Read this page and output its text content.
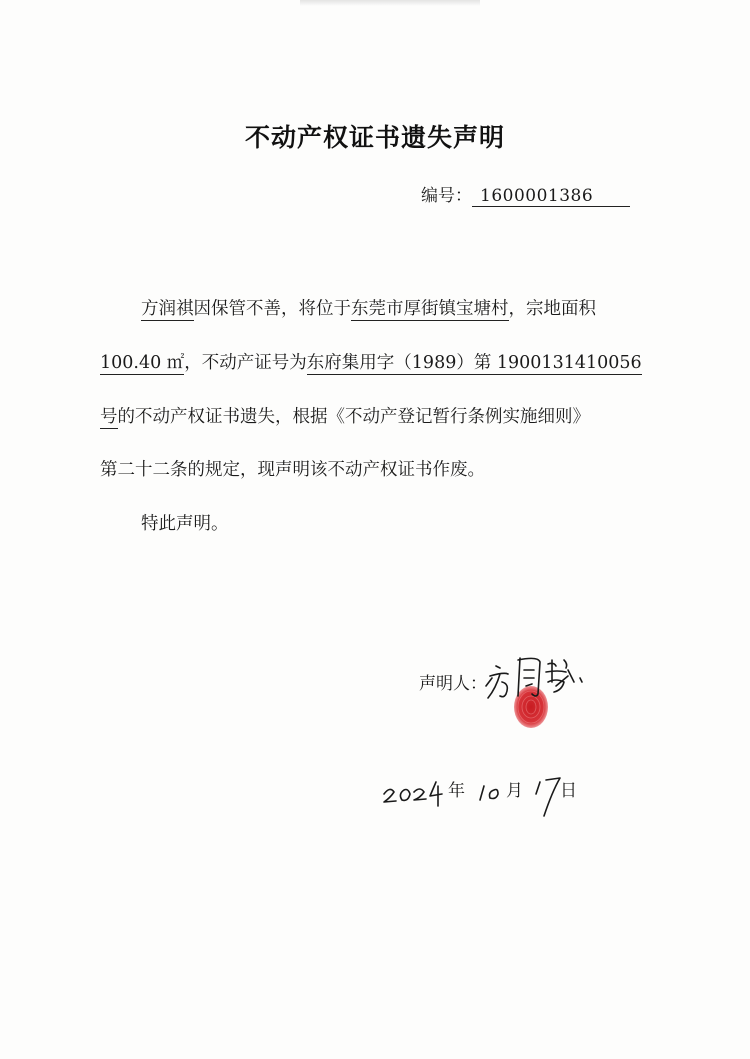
不动产权证书遗失声明
编号： 1600001386
方润祺因保管不善，将位于东莞市厚街镇宝塘村，宗地面积
100.40 ㎡，不动产证号为东府集用字（1989）第 1900131410056
号的不动产权证书遗失，根据《不动产登记暂行条例实施细则》
第二十二条的规定，现声明该不动产权证书作废。
特此声明。
声明人：
年 月 日
